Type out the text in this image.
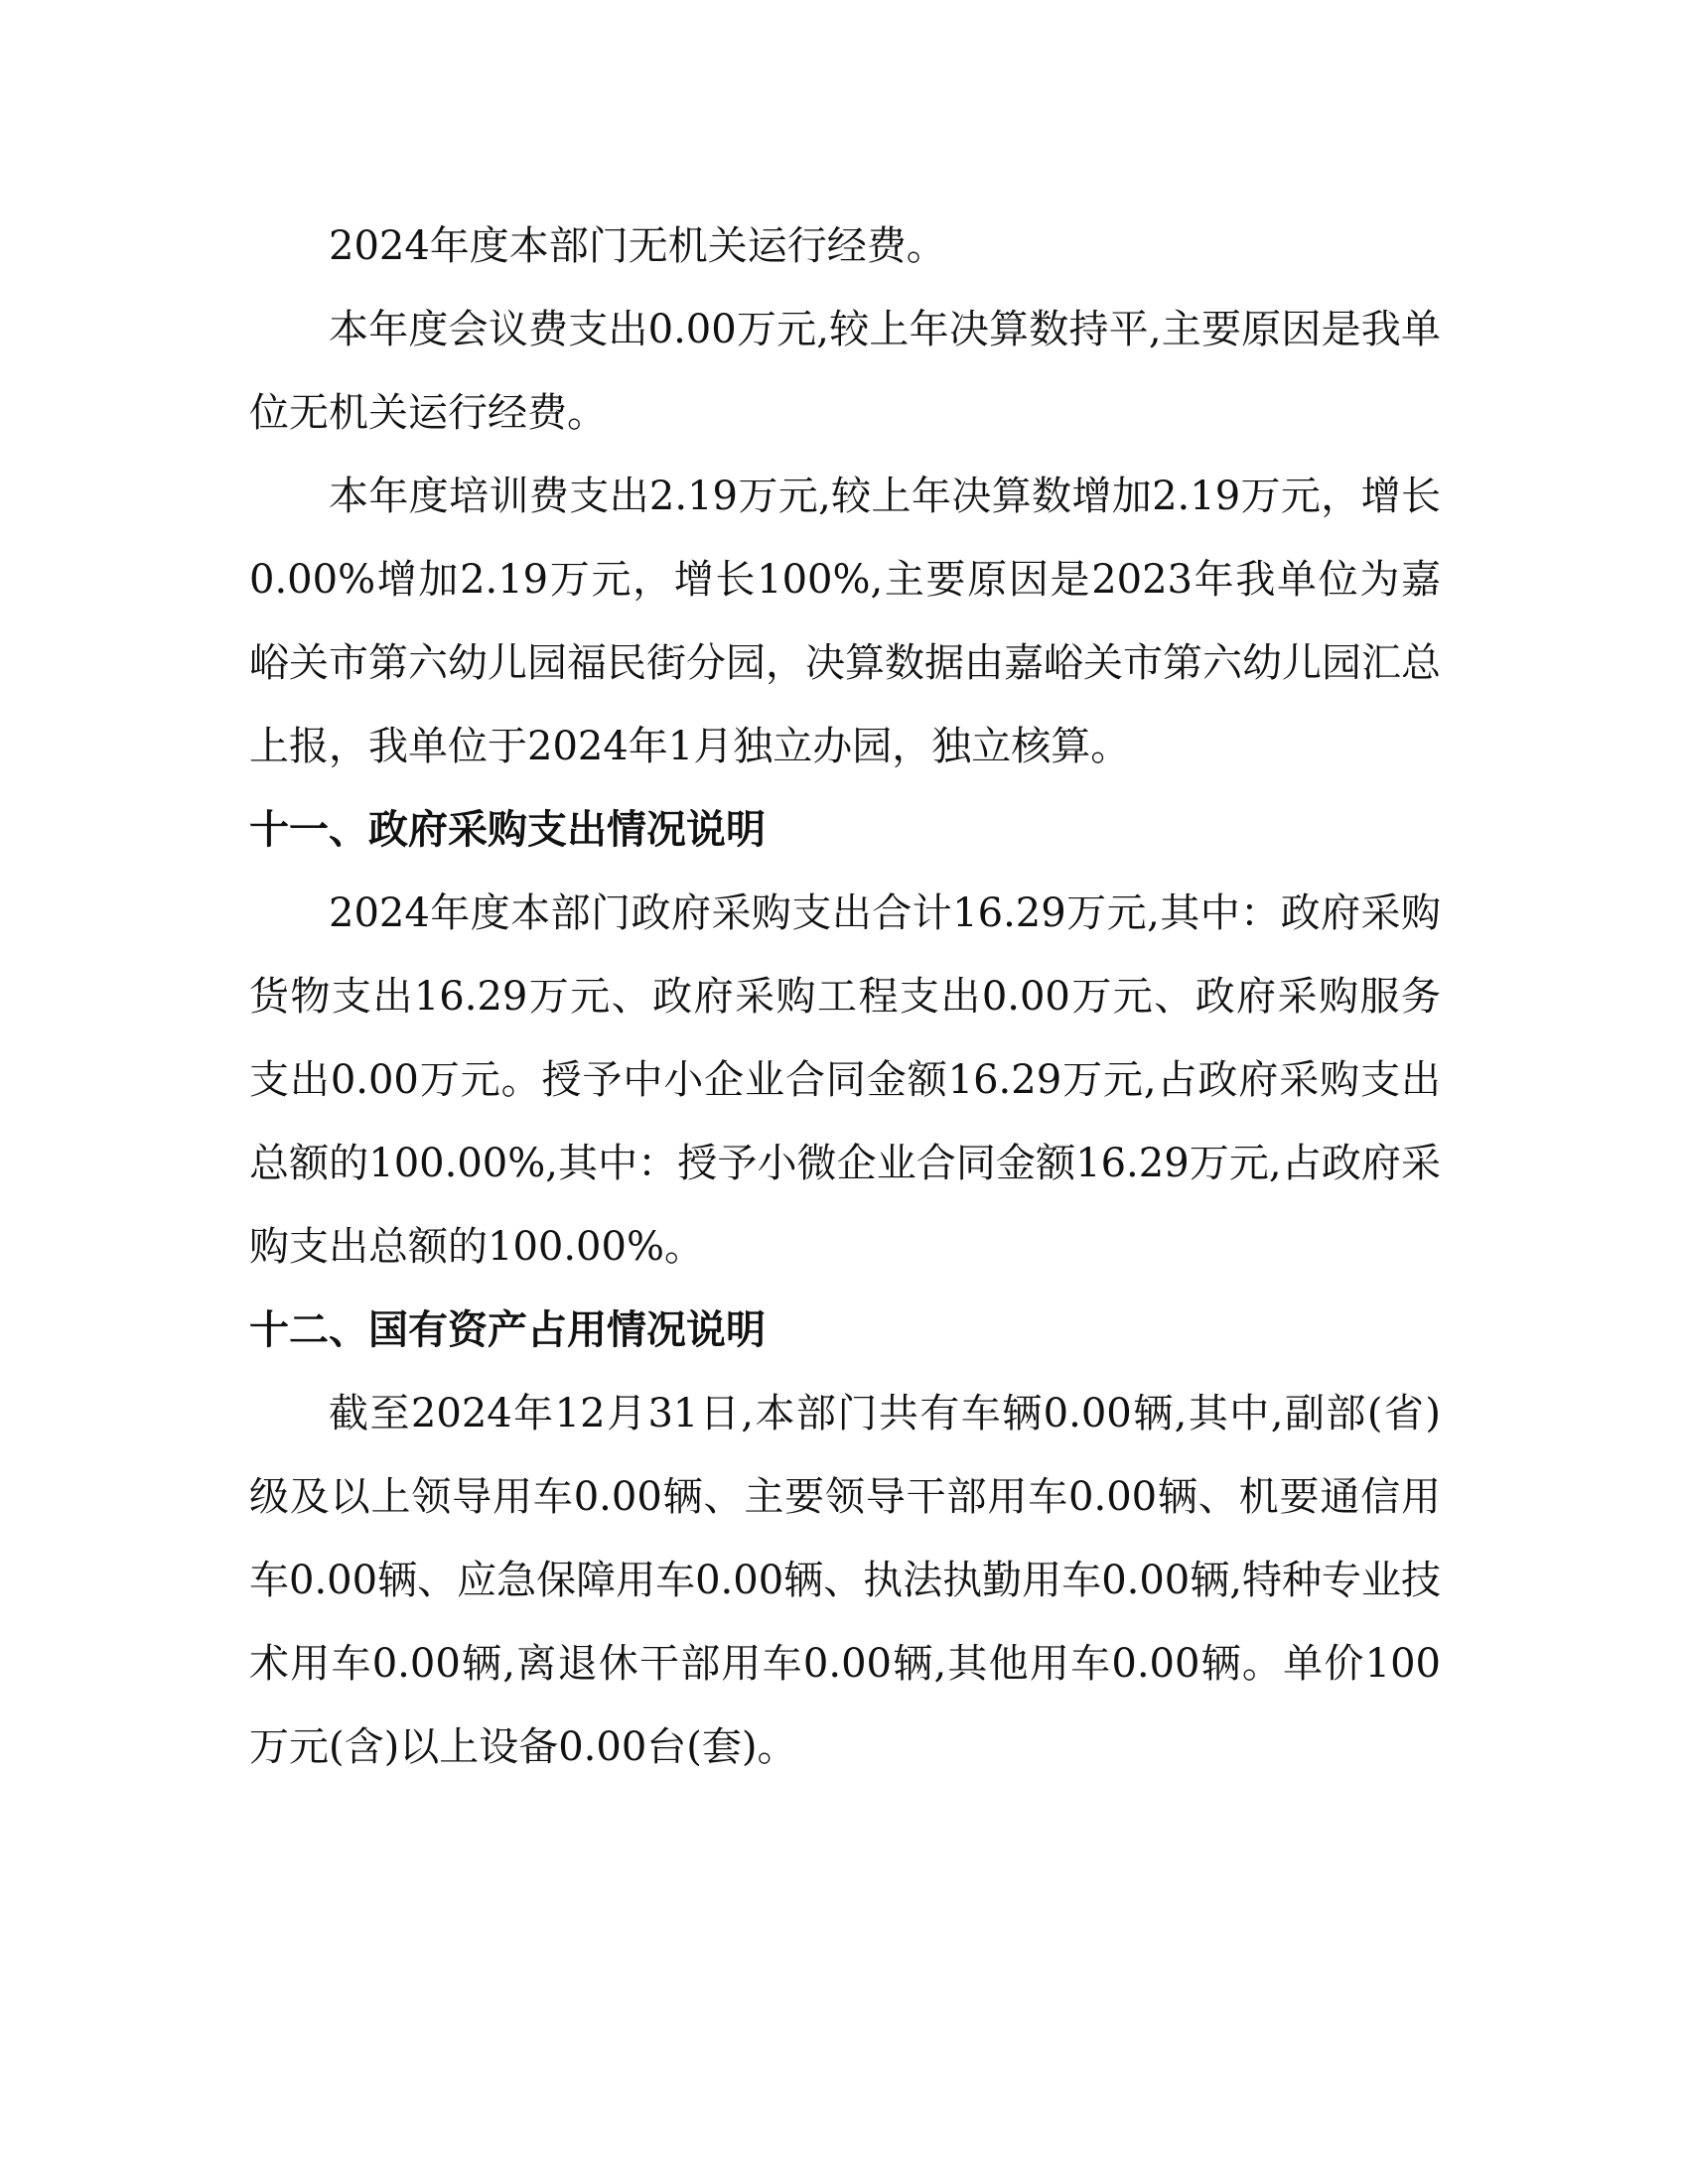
2024年度本部门无机关运行经费。

本年度会议费支出0.00万元,较上年决算数持平,主要原因是我单位无机关运行经费。

本年度培训费支出2.19万元,较上年决算数增加2.19万元，增长0.00%增加2.19万元，增长100%,主要原因是2023年我单位为嘉峪关市第六幼儿园福民街分园，决算数据由嘉峪关市第六幼儿园汇总上报，我单位于2024年1月独立办园，独立核算。

十一、政府采购支出情况说明

2024年度本部门政府采购支出合计16.29万元,其中：政府采购货物支出16.29万元、政府采购工程支出0.00万元、政府采购服务支出0.00万元。授予中小企业合同金额16.29万元,占政府采购支出总额的100.00%,其中：授予小微企业合同金额16.29万元,占政府采购支出总额的100.00%。

十二、国有资产占用情况说明

截至2024年12月31日,本部门共有车辆0.00辆,其中,副部(省)级及以上领导用车0.00辆、主要领导干部用车0.00辆、机要通信用车0.00辆、应急保障用车0.00辆、执法执勤用车0.00辆,特种专业技术用车0.00辆,离退休干部用车0.00辆,其他用车0.00辆。单价100万元(含)以上设备0.00台(套)。
